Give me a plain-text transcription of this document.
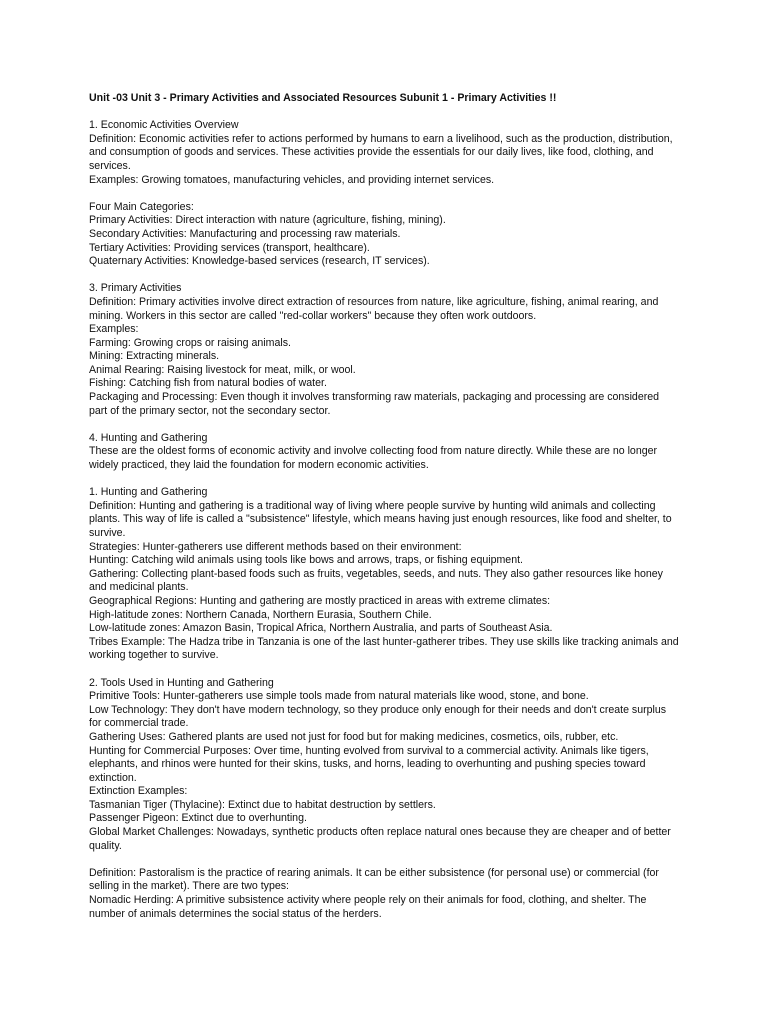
Unit -03 Unit 3 - Primary Activities and Associated Resources Subunit 1 - Primary Activities !!
1. Economic Activities Overview
Definition: Economic activities refer to actions performed by humans to earn a livelihood, such as the production, distribution, and consumption of goods and services. These activities provide the essentials for our daily lives, like food, clothing, and services.
Examples: Growing tomatoes, manufacturing vehicles, and providing internet services.
Four Main Categories:
Primary Activities: Direct interaction with nature (agriculture, fishing, mining).
Secondary Activities: Manufacturing and processing raw materials.
Tertiary Activities: Providing services (transport, healthcare).
Quaternary Activities: Knowledge-based services (research, IT services).
3. Primary Activities
Definition: Primary activities involve direct extraction of resources from nature, like agriculture, fishing, animal rearing, and mining. Workers in this sector are called "red-collar workers" because they often work outdoors.
Examples:
Farming: Growing crops or raising animals.
Mining: Extracting minerals.
Animal Rearing: Raising livestock for meat, milk, or wool.
Fishing: Catching fish from natural bodies of water.
Packaging and Processing: Even though it involves transforming raw materials, packaging and processing are considered part of the primary sector, not the secondary sector.
4. Hunting and Gathering
These are the oldest forms of economic activity and involve collecting food from nature directly. While these are no longer widely practiced, they laid the foundation for modern economic activities.
1. Hunting and Gathering
Definition: Hunting and gathering is a traditional way of living where people survive by hunting wild animals and collecting plants. This way of life is called a "subsistence" lifestyle, which means having just enough resources, like food and shelter, to survive.
Strategies: Hunter-gatherers use different methods based on their environment:
Hunting: Catching wild animals using tools like bows and arrows, traps, or fishing equipment.
Gathering: Collecting plant-based foods such as fruits, vegetables, seeds, and nuts. They also gather resources like honey and medicinal plants.
Geographical Regions: Hunting and gathering are mostly practiced in areas with extreme climates:
High-latitude zones: Northern Canada, Northern Eurasia, Southern Chile.
Low-latitude zones: Amazon Basin, Tropical Africa, Northern Australia, and parts of Southeast Asia.
Tribes Example: The Hadza tribe in Tanzania is one of the last hunter-gatherer tribes. They use skills like tracking animals and working together to survive.
2. Tools Used in Hunting and Gathering
Primitive Tools: Hunter-gatherers use simple tools made from natural materials like wood, stone, and bone.
Low Technology: They don't have modern technology, so they produce only enough for their needs and don't create surplus for commercial trade.
Gathering Uses: Gathered plants are used not just for food but for making medicines, cosmetics, oils, rubber, etc.
Hunting for Commercial Purposes: Over time, hunting evolved from survival to a commercial activity. Animals like tigers, elephants, and rhinos were hunted for their skins, tusks, and horns, leading to overhunting and pushing species toward extinction.
Extinction Examples:
Tasmanian Tiger (Thylacine): Extinct due to habitat destruction by settlers.
Passenger Pigeon: Extinct due to overhunting.
Global Market Challenges: Nowadays, synthetic products often replace natural ones because they are cheaper and of better quality.
Definition: Pastoralism is the practice of rearing animals. It can be either subsistence (for personal use) or commercial (for selling in the market). There are two types:
Nomadic Herding: A primitive subsistence activity where people rely on their animals for food, clothing, and shelter. The number of animals determines the social status of the herders.
